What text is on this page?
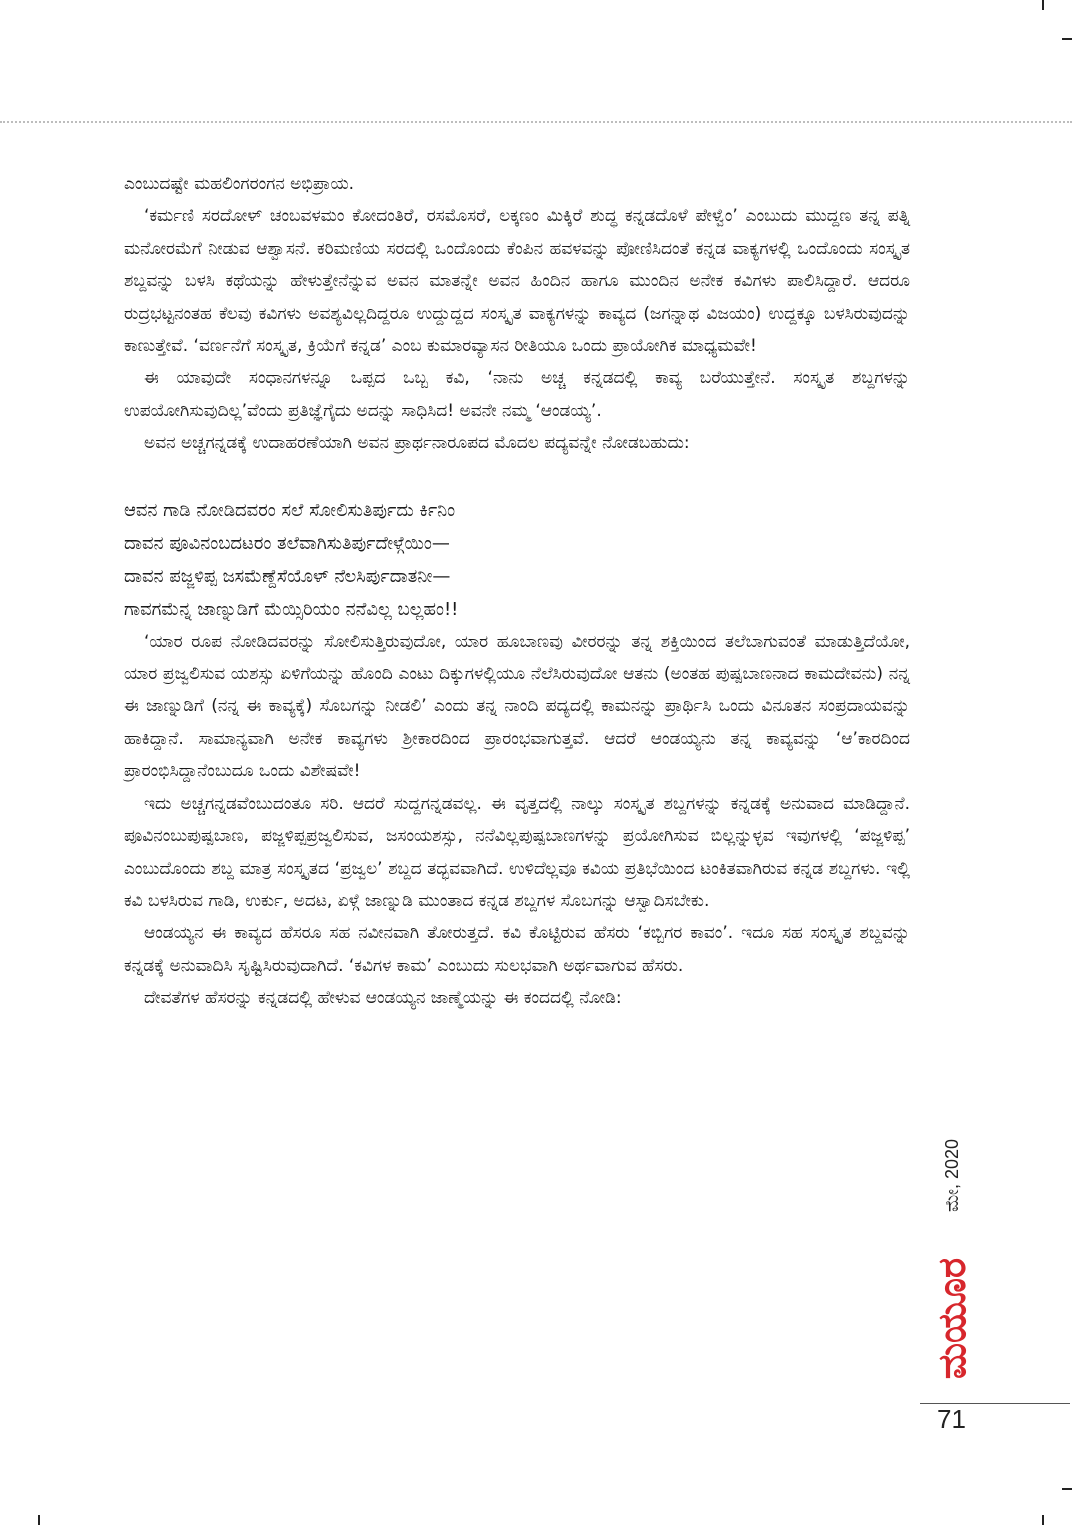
ಎಂಬುದಷ್ಟೇ ಮಹಲಿಂಗರಂಗನ ಅಭಿಪ್ರಾಯ.

‘ಕರ್ಮಣಿ ಸರದೋಳ್ ಚಂಬವಳಮಂ ಕೋದಂತಿರೆ, ರಸಮೊಸರೆ, ಲಕ್ಕಣಂ ಮಿಕ್ಕಿರೆ ಶುದ್ಧ ಕನ್ನಡದೊಳೆ ಪೇಳ್ವೆಂ’ ಎಂಬುದು ಮುದ್ದಣ ತನ್ನ ಪತ್ನಿ ಮನೋರಮೆಗೆ ನೀಡುವ ಆಶ್ವಾಸನೆ. ಕರಿಮಣಿಯ ಸರದಲ್ಲಿ ಒಂದೊಂದು ಕೆಂಪಿನ ಹವಳವನ್ನು ಪೋಣಿಸಿದಂತೆ ಕನ್ನಡ ವಾಕ್ಯಗಳಲ್ಲಿ ಒಂದೊಂದು ಸಂಸ್ಕೃತ ಶಬ್ದವನ್ನು ಬಳಸಿ ಕಥೆಯನ್ನು ಹೇಳುತ್ತೇನೆನ್ನುವ ಅವನ ಮಾತನ್ನೇ ಅವನ ಹಿಂದಿನ ಹಾಗೂ ಮುಂದಿನ ಅನೇಕ ಕವಿಗಳು ಪಾಲಿಸಿದ್ದಾರೆ. ಆದರೂ ರುದ್ರಭಟ್ಟನಂತಹ ಕೆಲವು ಕವಿಗಳು ಅವಶ್ಯವಿಲ್ಲದಿದ್ದರೂ ಉದ್ದುದ್ದದ ಸಂಸ್ಕೃತ ವಾಕ್ಯಗಳನ್ನು ಕಾವ್ಯದ (ಜಗನ್ನಾಥ ವಿಜಯಂ) ಉದ್ದಕ್ಕೂ ಬಳಸಿರುವುದನ್ನು ಕಾಣುತ್ತೇವೆ. ‘ವರ್ಣನೆಗೆ ಸಂಸ್ಕೃತ, ಕ್ರಿಯೆಗೆ ಕನ್ನಡ’ ಎಂಬ ಕುಮಾರವ್ಯಾಸನ ರೀತಿಯೂ ಒಂದು ಪ್ರಾಯೋಗಿಕ ಮಾಧ್ಯಮವೇ!

ಈ ಯಾವುದೇ ಸಂಧಾನಗಳನ್ನೂ ಒಪ್ಪದ ಒಬ್ಬ ಕವಿ, ‘ನಾನು ಅಚ್ಚ ಕನ್ನಡದಲ್ಲಿ ಕಾವ್ಯ ಬರೆಯುತ್ತೇನೆ. ಸಂಸ್ಕೃತ ಶಬ್ದಗಳನ್ನು ಉಪಯೋಗಿಸುವುದಿಲ್ಲ’ವೆಂದು ಪ್ರತಿಜ್ಞೆಗೈದು ಅದನ್ನು ಸಾಧಿಸಿದ! ಅವನೇ ನಮ್ಮ ‘ಆಂಡಯ್ಯ’.

ಅವನ ಅಚ್ಚಗನ್ನಡಕ್ಕೆ ಉದಾಹರಣೆಯಾಗಿ ಅವನ ಪ್ರಾರ್ಥನಾರೂಪದ ಮೊದಲ ಪದ್ಯವನ್ನೇ ನೋಡಬಹುದು:

ಆವನ ಗಾಡಿ ನೋಡಿದವರಂ ಸಲೆ ಸೋಲಿಸುತಿರ್ಪುದು ರ್ಕಿನಿಂ
ದಾವನ ಪೂವಿನಂಬದಟರಂ ತಲೆವಾಗಿಸುತಿರ್ಪುದೇಳ್ಗೆಯಿಂ—
ದಾವನ ಪಜ್ಜಳಿಪ್ಪ ಜಸಮೆಣ್ದೆಸೆಯೊಳ್ ನೆಲಸಿರ್ಪುದಾತನೀ—
ಗಾವಗಮೆನ್ನ ಜಾಣ್ನುಡಿಗೆ ಮೆಯ್ಸಿರಿಯಂ ನನೆವಿಲ್ಲ ಬಲ್ಲಹಂ!!

‘ಯಾರ ರೂಪ ನೋಡಿದವರನ್ನು ಸೋಲಿಸುತ್ತಿರುವುದೋ, ಯಾರ ಹೂಬಾಣವು ವೀರರನ್ನು ತನ್ನ ಶಕ್ತಿಯಿಂದ ತಲೆಬಾಗುವಂತೆ ಮಾಡುತ್ತಿದೆಯೋ, ಯಾರ ಪ್ರಜ್ವಲಿಸುವ ಯಶಸ್ಸು ಏಳಿಗೆಯನ್ನು ಹೊಂದಿ ಎಂಟು ದಿಕ್ಕುಗಳಲ್ಲಿಯೂ ನೆಲೆಸಿರುವುದೋ ಆತನು (ಅಂತಹ ಪುಷ್ಪಬಾಣನಾದ ಕಾಮದೇವನು) ನನ್ನ ಈ ಜಾಣ್ನುಡಿಗೆ (ನನ್ನ ಈ ಕಾವ್ಯಕ್ಕೆ) ಸೊಬಗನ್ನು ನೀಡಲಿ’ ಎಂದು ತನ್ನ ನಾಂದಿ ಪದ್ಯದಲ್ಲಿ ಕಾಮನನ್ನು ಪ್ರಾರ್ಥಿಸಿ ಒಂದು ವಿನೂತನ ಸಂಪ್ರದಾಯವನ್ನು ಹಾಕಿದ್ದಾನೆ. ಸಾಮಾನ್ಯವಾಗಿ ಅನೇಕ ಕಾವ್ಯಗಳು ಶ್ರೀಕಾರದಿಂದ ಪ್ರಾರಂಭವಾಗುತ್ತವೆ. ಆದರೆ ಆಂಡಯ್ಯನು ತನ್ನ ಕಾವ್ಯವನ್ನು ‘ಆ’ಕಾರದಿಂದ ಪ್ರಾರಂಭಿಸಿದ್ದಾನೆಂಬುದೂ ಒಂದು ವಿಶೇಷವೇ!

ಇದು ಅಚ್ಚಗನ್ನಡವೆಂಬುದಂತೂ ಸರಿ. ಆದರೆ ಸುದ್ದಗನ್ನಡವಲ್ಲ. ಈ ವೃತ್ತದಲ್ಲಿ ನಾಲ್ಕು ಸಂಸ್ಕೃತ ಶಬ್ದಗಳನ್ನು ಕನ್ನಡಕ್ಕೆ ಅನುವಾದ ಮಾಡಿದ್ದಾನೆ. ಪೂವಿನಂಬುಪುಷ್ಪಬಾಣ, ಪಜ್ಜಳಿಪ್ಪಪ್ರಜ್ವಲಿಸುವ, ಜಸಂಯಶಸ್ಸು, ನನೆವಿಲ್ಲಪುಷ್ಪಬಾಣಗಳನ್ನು ಪ್ರಯೋಗಿಸುವ ಬಿಲ್ಲನ್ನುಳ್ಳವ ಇವುಗಳಲ್ಲಿ ‘ಪಜ್ಜಳಿಪ್ಪ’ ಎಂಬುದೊಂದು ಶಬ್ದ ಮಾತ್ರ ಸಂಸ್ಕೃತದ ‘ಪ್ರಜ್ವಲ’ ಶಬ್ದದ ತದ್ಭವವಾಗಿದೆ. ಉಳಿದೆಲ್ಲವೂ ಕವಿಯ ಪ್ರತಿಭೆಯಿಂದ ಟಂಕಿತವಾಗಿರುವ ಕನ್ನಡ ಶಬ್ದಗಳು. ಇಲ್ಲಿ ಕವಿ ಬಳಸಿರುವ ಗಾಡಿ, ಉರ್ಕು, ಅದಟ, ಏಳ್ಗೆ ಜಾಣ್ನುಡಿ ಮುಂತಾದ ಕನ್ನಡ ಶಬ್ದಗಳ ಸೊಬಗನ್ನು ಆಸ್ವಾದಿಸಬೇಕು.

ಆಂಡಯ್ಯನ ಈ ಕಾವ್ಯದ ಹೆಸರೂ ಸಹ ನವೀನವಾಗಿ ತೋರುತ್ತದೆ. ಕವಿ ಕೊಟ್ಟಿರುವ ಹೆಸರು ‘ಕಬ್ಬಿಗರ ಕಾವಂ’. ಇದೂ ಸಹ ಸಂಸ್ಕೃತ ಶಬ್ದವನ್ನು ಕನ್ನಡಕ್ಕೆ ಅನುವಾದಿಸಿ ಸೃಷ್ಟಿಸಿರುವುದಾಗಿದೆ. ‘ಕವಿಗಳ ಕಾಮ’ ಎಂಬುದು ಸುಲಭವಾಗಿ ಅರ್ಥವಾಗುವ ಹೆಸರು.

ದೇವತೆಗಳ ಹೆಸರನ್ನು ಕನ್ನಡದಲ್ಲಿ ಹೇಳುವ ಆಂಡಯ್ಯನ ಜಾಣ್ಮೆಯನ್ನು ಈ ಕಂದದಲ್ಲಿ ನೋಡಿ:

ಮೇ, 2020
ಮಯೂರ
71
